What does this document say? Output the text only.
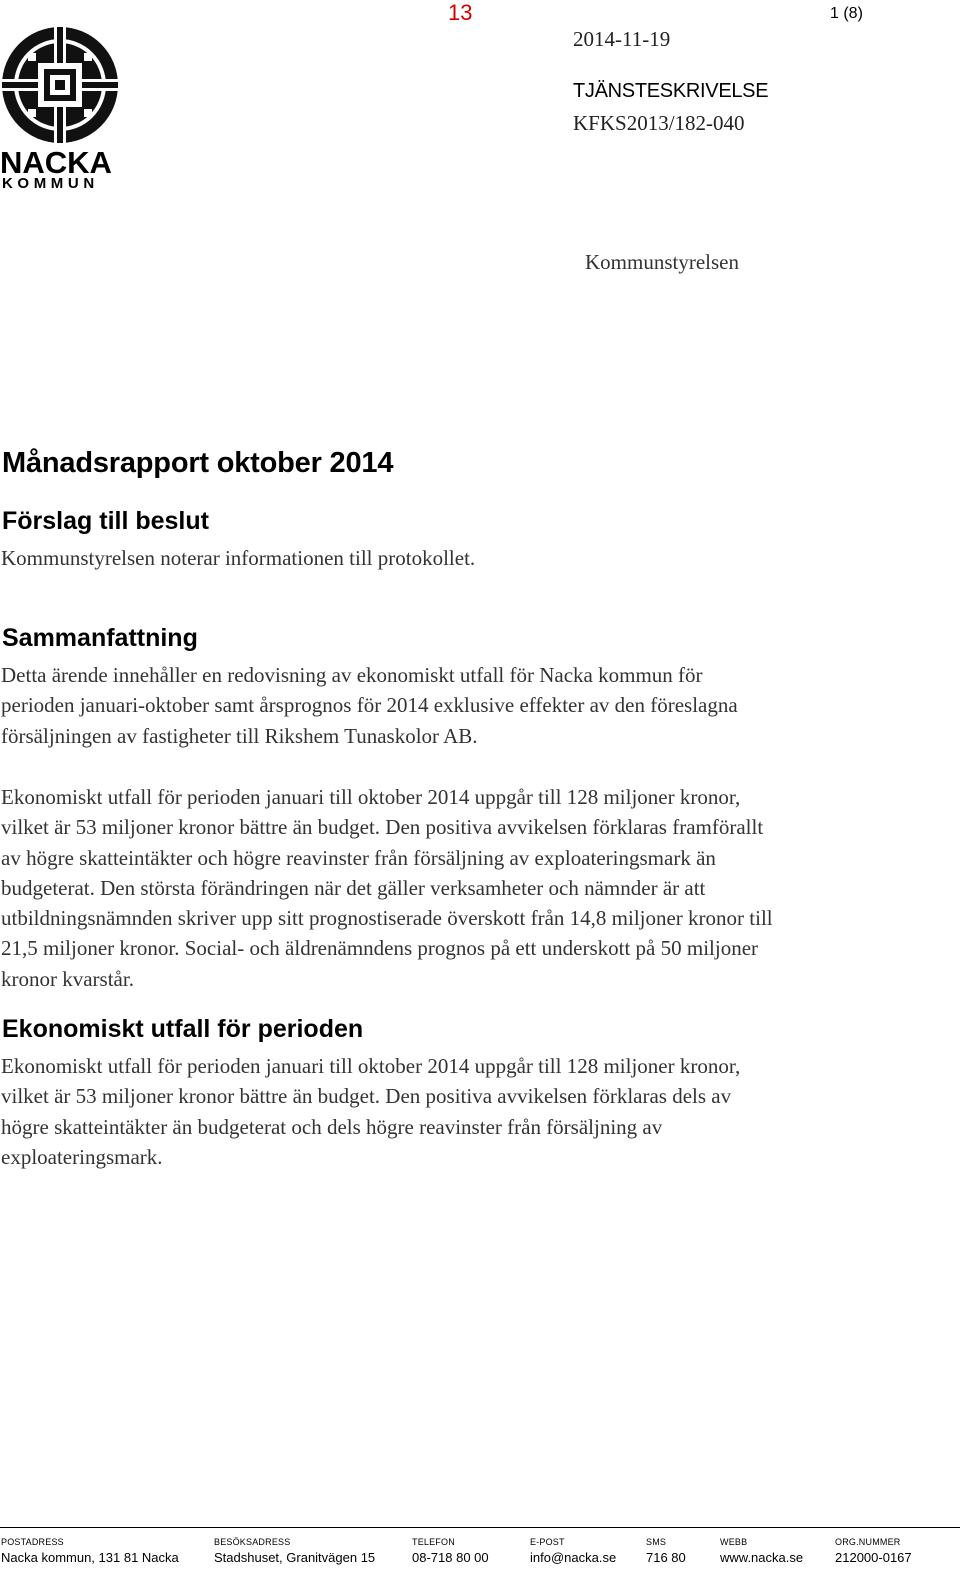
13	1 (8)
2014-11-19
TJÄNSTESKRIVELSE
KFKS2013/182-040
Kommunstyrelsen
NACKA
KOMMUN
Månadsrapport oktober 2014
Förslag till beslut
Kommunstyrelsen noterar informationen till protokollet.
Sammanfattning
Detta ärende innehåller en redovisning av ekonomiskt utfall för Nacka kommun för
perioden januari-oktober samt årsprognos för 2014 exklusive effekter av den föreslagna
försäljningen av fastigheter till Rikshem Tunaskolor AB.
Ekonomiskt utfall för perioden januari till oktober 2014 uppgår till 128 miljoner kronor,
vilket är 53 miljoner kronor bättre än budget. Den positiva avvikelsen förklaras framförallt
av högre skatteintäkter och högre reavinster från försäljning av exploateringsmark än
budgeterat. Den största förändringen när det gäller verksamheter och nämnder är att
utbildningsnämnden skriver upp sitt prognostiserade överskott från 14,8 miljoner kronor till
21,5 miljoner kronor. Social- och äldrenämndens prognos på ett underskott på 50 miljoner
kronor kvarstår.
Ekonomiskt utfall för perioden
Ekonomiskt utfall för perioden januari till oktober 2014 uppgår till 128 miljoner kronor,
vilket är 53 miljoner kronor bättre än budget. Den positiva avvikelsen förklaras dels av
högre skatteintäkter än budgeterat och dels högre reavinster från försäljning av
exploateringsmark.
POSTADRESS
Nacka kommun, 131 81 Nacka
BESÖKSADRESS
Stadshuset, Granitvägen 15
TELEFON
08-718 80 00
E-POST
info@nacka.se
SMS
716 80
WEBB
www.nacka.se
ORG.NUMMER
212000-0167
